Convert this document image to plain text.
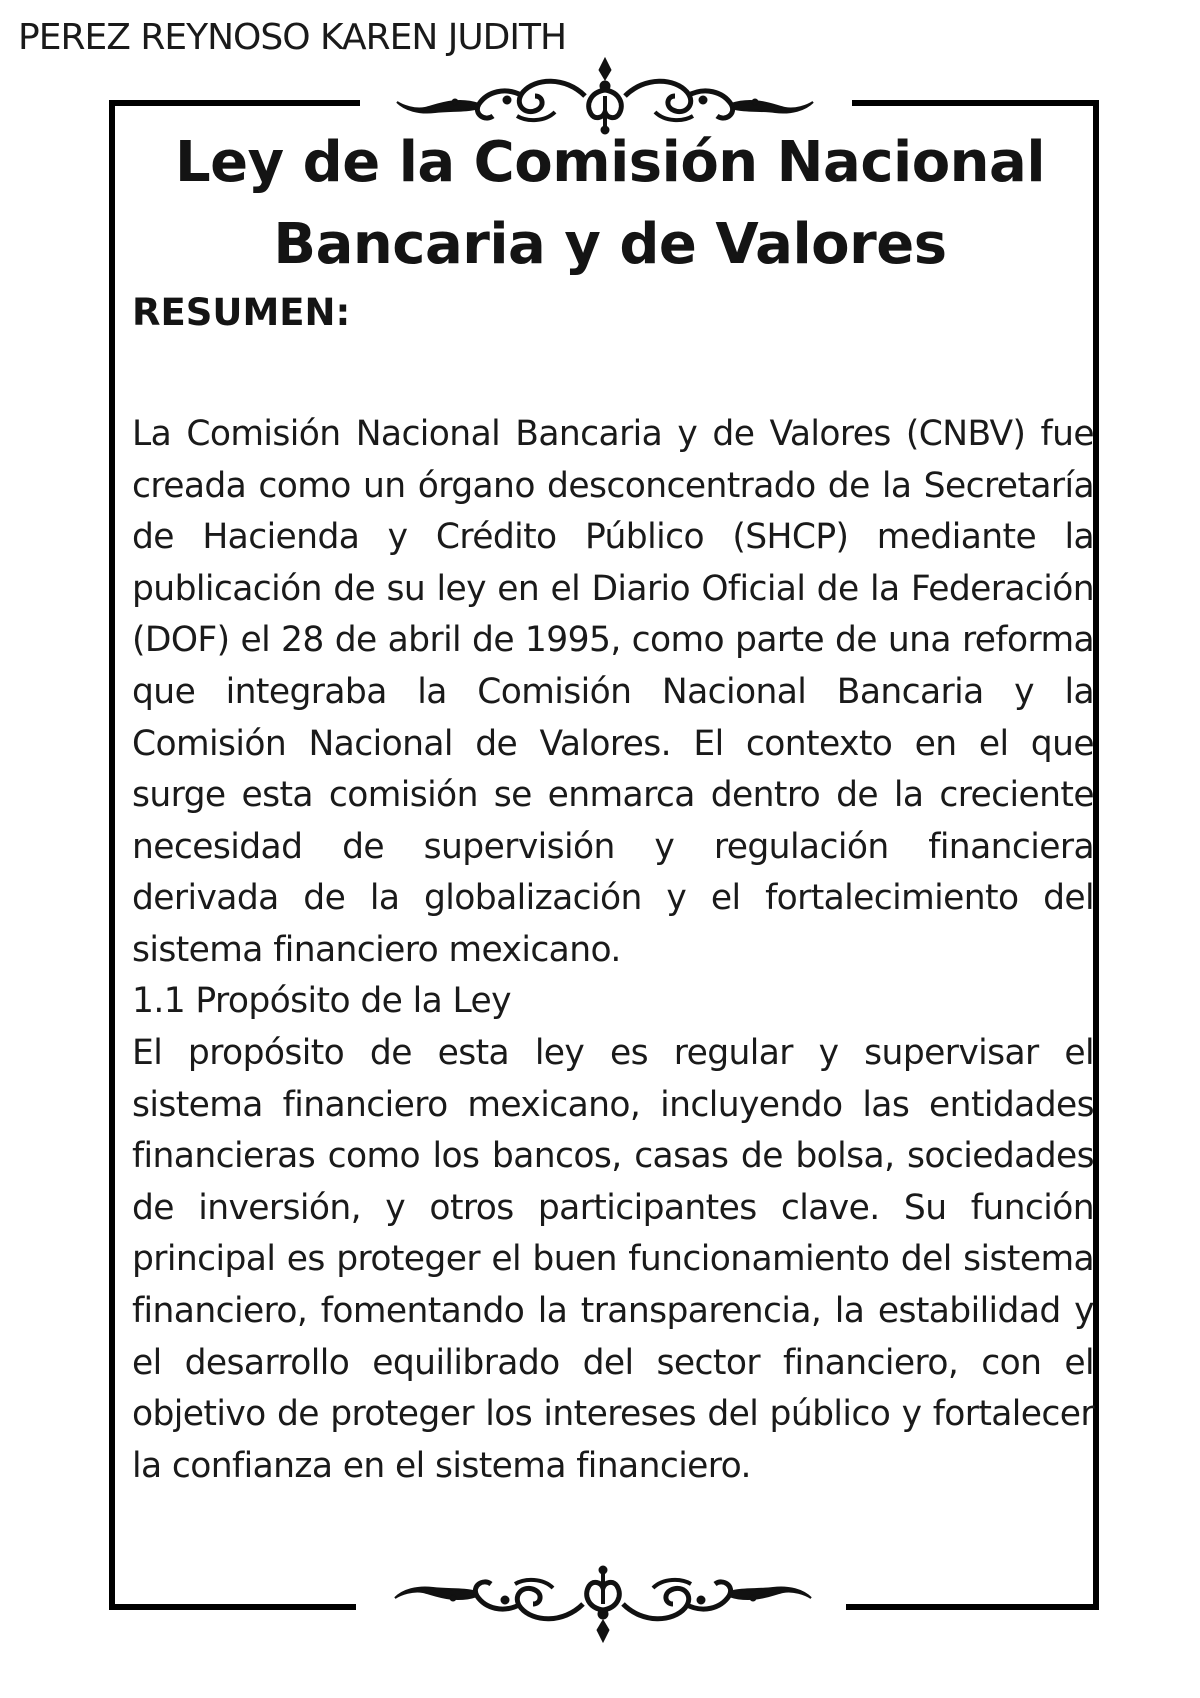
PEREZ REYNOSO KAREN JUDITH
Ley de la Comisión Nacional Bancaria y de Valores
RESUMEN:
La Comisión Nacional Bancaria y de Valores (CNBV) fue creada como un órgano desconcentrado de la Secretaría de Hacienda y Crédito Público (SHCP) mediante la publicación de su ley en el Diario Oficial de la Federación (DOF) el 28 de abril de 1995, como parte de una reforma que integraba la Comisión Nacional Bancaria y la Comisión Nacional de Valores. El contexto en el que surge esta comisión se enmarca dentro de la creciente necesidad de supervisión y regulación financiera derivada de la globalización y el fortalecimiento del sistema financiero mexicano.
1.1 Propósito de la Ley
El propósito de esta ley es regular y supervisar el sistema financiero mexicano, incluyendo las entidades financieras como los bancos, casas de bolsa, sociedades de inversión, y otros participantes clave. Su función principal es proteger el buen funcionamiento del sistema financiero, fomentando la transparencia, la estabilidad y el desarrollo equilibrado del sector financiero, con el objetivo de proteger los intereses del público y fortalecer la confianza en el sistema financiero.
